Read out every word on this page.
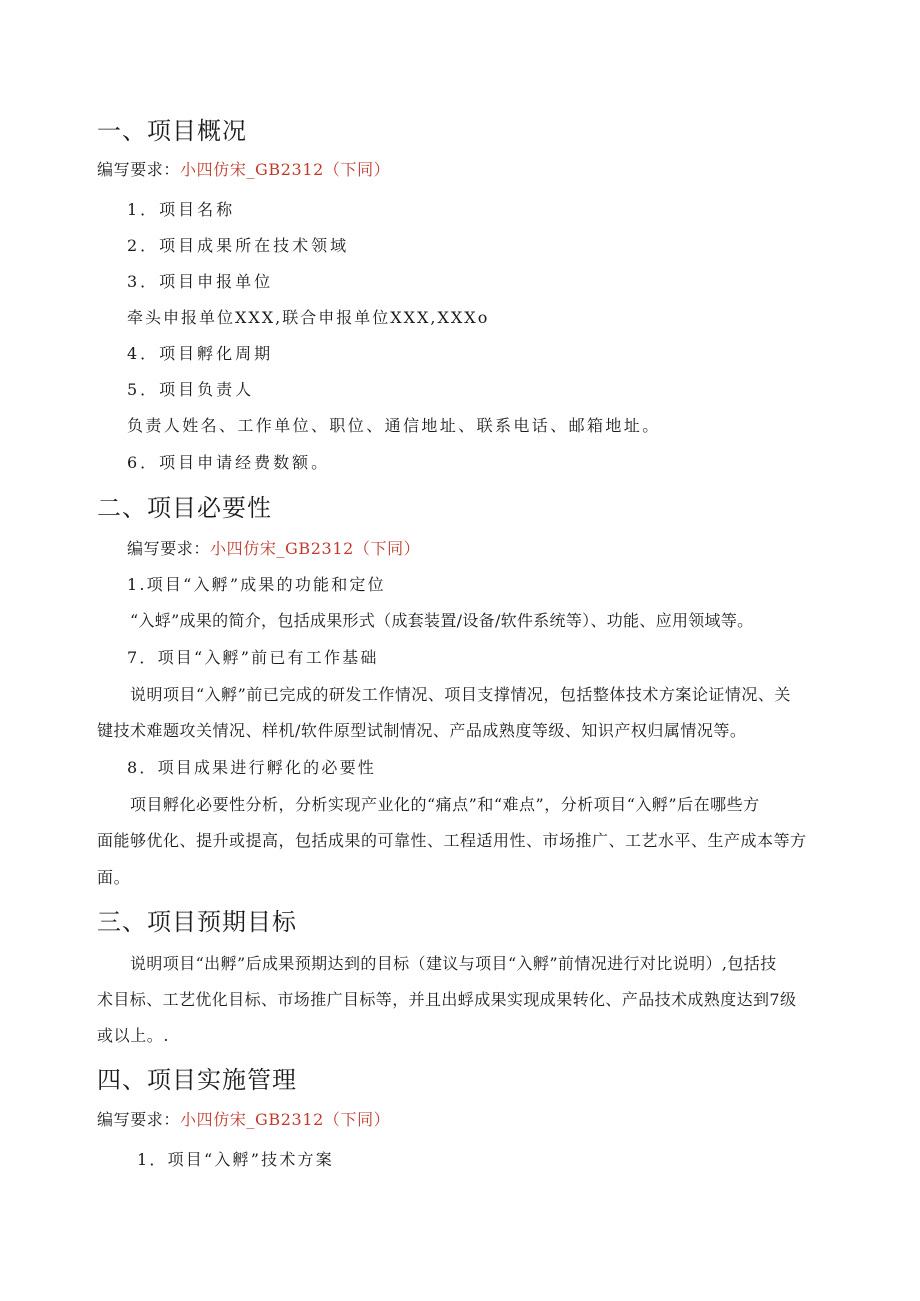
一、项目概况
编写要求：小四仿宋_GB2312（下同）
1．项目名称
2．项目成果所在技术领域
3．项目申报单位
牵头申报单位XXX,联合申报单位XXX,XXXo
4．项目孵化周期
5．项目负责人
负责人姓名、工作单位、职位、通信地址、联系电话、邮箱地址。
6．项目申请经费数额。
二、项目必要性
编写要求：小四仿宋_GB2312（下同）
1.项目“入孵”成果的功能和定位
“入蜉”成果的简介，包括成果形式（成套装置/设备/软件系统等）、功能、应用领域等。
7．项目“入孵”前已有工作基础
说明项目“入孵”前已完成的研发工作情况、项目支撑情况，包括整体技术方案论证情况、关
键技术难题攻关情况、样机/软件原型试制情况、产品成熟度等级、知识产权归属情况等。
8．项目成果进行孵化的必要性
项目孵化必要性分析，分析实现产业化的“痛点”和“难点”，分析项目“入孵”后在哪些方
面能够优化、提升或提高，包括成果的可靠性、工程适用性、市场推广、工艺水平、生产成本等方
面。
三、项目预期目标
说明项目“出孵”后成果预期达到的目标（建议与项目“入孵”前情况进行对比说明）,包括技
术目标、工艺优化目标、市场推广目标等，并且出蜉成果实现成果转化、产品技术成熟度达到7级
或以上。.
四、项目实施管理
编写要求：小四仿宋_GB2312（下同）
1．项目“入孵”技术方案
